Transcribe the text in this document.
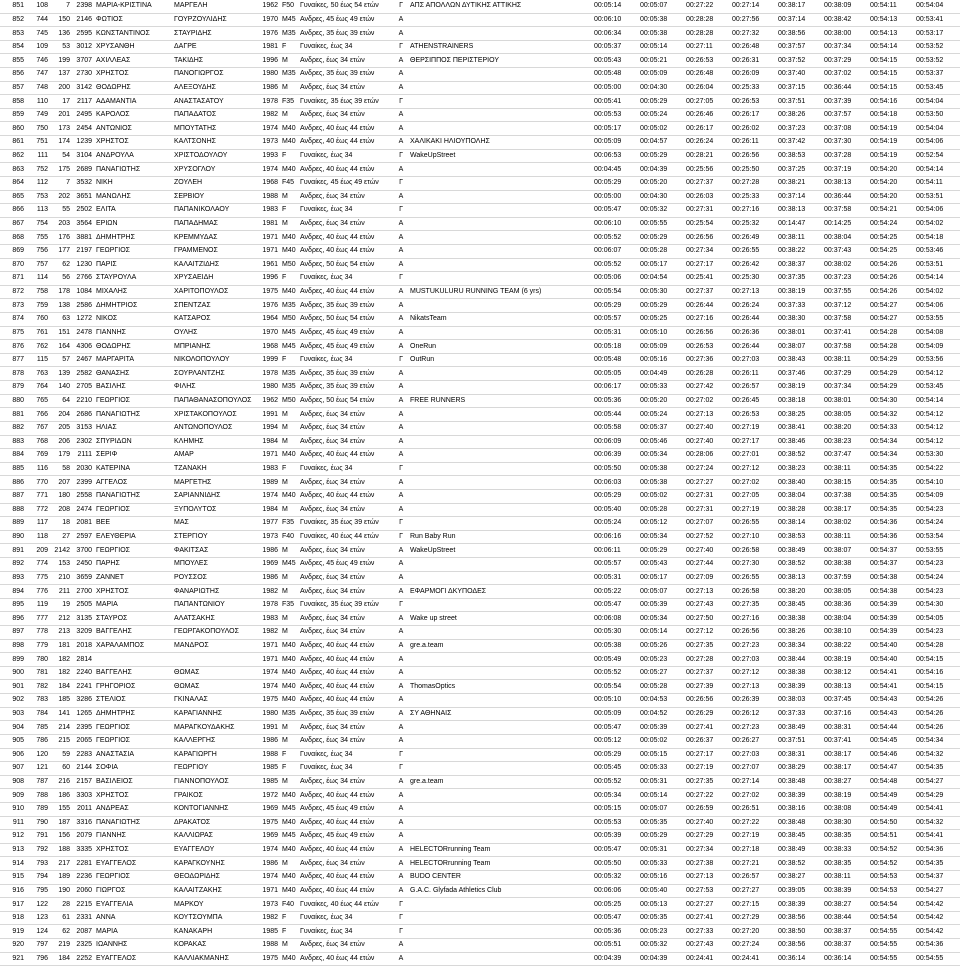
851	108	7	2398	ΜΑΡΙΑ-ΚΡΙΣΤΙΝΑ	ΜΑΡΓΕΛΗ	1962	F50	Γυναίκες, 50 έως 54 ετών	Γ	ΑΠΣ ΑΠΟΛΛΩΝ ΔΥΤΙΚΗΣ ΑΤΤΙΚΗΣ	00:05:14	00:05:07	00:27:22	00:27:14	00:38:17	00:38:09	00:54:11	00:54:04
852	744	150	2146	ΦΩΤΙΟΣ	ΓΟΥΡΖΟΥΛΙΔΗΣ	1970	M45	Ανδρες, 45 έως 49 ετών	Α		00:06:10	00:05:38	00:28:28	00:27:56	00:37:14	00:38:42	00:54:13	00:53:41
853	745	136	2595	ΚΩΝΣΤΑΝΤΙΝΟΣ	ΣΤΑΥΡΙΔΗΣ	1976	M35	Ανδρες, 35 έως 39 ετών	Α		00:06:34	00:05:38	00:28:28	00:27:32	00:38:56	00:38:00	00:54:13	00:53:17
854	109	53	3012	ΧΡΥΣΑΝΘΗ	ΔΑΓΡΕ	1981	F	Γυναίκες, έως 34	Γ	ATHENSTRAINERS	00:05:37	00:05:14	00:27:11	00:26:48	00:37:57	00:37:34	00:54:14	00:53:52
855	746	199	3707	ΑΧΙΛΛΕΑΣ	ΤΑΚΙΔΗΣ	1996	M	Ανδρες, έως 34 ετών	Α	ΘΕΡΣΙΠΠΟΣ ΠΕΡΙΣΤΕΡΙΟΥ	00:05:43	00:05:21	00:26:53	00:26:31	00:37:52	00:37:29	00:54:15	00:53:52
856	747	137	2730	ΧΡΗΣΤΟΣ	ΠΑΝΟΓΙΩΡΓΟΣ	1980	M35	Ανδρες, 35 έως 39 ετών	Α		00:05:48	00:05:09	00:26:48	00:26:09	00:37:40	00:37:02	00:54:15	00:53:37
857	748	200	3142	ΘΟΔΩΡΗΣ	ΑΛΕΞΟΥΔΗΣ	1986	M	Ανδρες, έως 34 ετών	Α		00:05:00	00:04:30	00:26:04	00:25:33	00:37:15	00:36:44	00:54:15	00:53:45
858	110	17	2117	ΑΔΑΜΑΝΤΙΑ	ΑΝΑΣΤΑΣΑΤΟΥ	1978	F35	Γυναίκες, 35 έως 39 ετών	Γ		00:05:41	00:05:29	00:27:05	00:26:53	00:37:51	00:37:39	00:54:16	00:54:04
859	749	201	2495	ΚΑΡΟΛΟΣ	ΠΑΠΑΔΑΤΟΣ	1982	M	Ανδρες, έως 34 ετών	Α		00:05:53	00:05:24	00:26:46	00:26:17	00:38:26	00:37:57	00:54:18	00:53:50
860	750	173	2454	ΑΝΤΩΝΙΟΣ	ΜΠΟΥΤΑΤΗΣ	1974	M40	Ανδρες, 40 έως 44 ετών	Α		00:05:17	00:05:02	00:26:17	00:26:02	00:37:23	00:37:08	00:54:19	00:54:04
861	751	174	1239	ΧΡΗΣΤΟΣ	ΚΑΛΤΣΟΝΗΣ	1973	M40	Ανδρες, 40 έως 44 ετών	Α	ΧΑΛΙΚΑΚΙ ΗΛΙΟΥΠΟΛΗΣ	00:05:09	00:04:57	00:26:24	00:26:11	00:37:42	00:37:30	00:54:19	00:54:06
862	111	54	3104	ΑΝΔΡΟΥΛΑ	ΧΡΙΣΤΟΔΟΥΛΟΥ	1993	F	Γυναίκες, έως 34	Γ	WakeUpStreet	00:06:53	00:05:29	00:28:21	00:26:56	00:38:53	00:37:28	00:54:19	00:52:54
863	752	175	2689	ΠΑΝΑΓΙΩΤΗΣ	ΧΡΥΣΟΓΛΟΥ	1974	M40	Ανδρες, 40 έως 44 ετών	Α		00:04:45	00:04:39	00:25:56	00:25:50	00:37:25	00:37:19	00:54:20	00:54:14
864	112	7	3532	ΝΙΚΗ	ΖΟΥΛΕΗ	1968	F45	Γυναίκες, 45 έως 49 ετών	Γ		00:05:29	00:05:20	00:27:37	00:27:28	00:38:21	00:38:13	00:54:20	00:54:11
865	753	202	3651	ΜΑΝΩΛΗΣ	ΣΕΡΒΙΟΥ	1988	M	Ανδρες, έως 34 ετών	Α		00:05:00	00:04:30	00:26:03	00:25:33	00:37:14	00:36:44	00:54:20	00:53:51
866	113	55	2502	ΕΛΙΤΑ	ΠΑΠΑΝΙΚΟΛΑΟΥ	1983	F	Γυναίκες, έως 34	Γ		00:05:47	00:05:32	00:27:31	00:27:16	00:38:13	00:37:58	00:54:21	00:54:06
867	754	203	3564	ΕΡΙΩΝ	ΠΑΠΑΔΗΜΑΣ	1981	M	Ανδρες, έως 34 ετών	Α		00:06:10	00:05:55	00:25:54	00:25:32	00:14:47	00:14:25	00:54:24	00:54:02
868	755	176	3881	ΔΗΜΗΤΡΗΣ	ΚΡΕΜΜΥΔΑΣ	1971	M40	Ανδρες, 40 έως 44 ετών	Α		00:05:52	00:05:29	00:26:56	00:26:49	00:38:11	00:38:04	00:54:25	00:54:18
869	756	177	2197	ΓΕΩΡΓΙΟΣ	ΓΡΑΜΜΕΝΟΣ	1971	M40	Ανδρες, 40 έως 44 ετών	Α		00:06:07	00:05:28	00:27:34	00:26:55	00:38:22	00:37:43	00:54:25	00:53:46
870	757	62	1230	ΠΑΡΙΣ	ΚΑΛΑΙΤΖΙΔΗΣ	1961	M50	Ανδρες, 50 έως 54 ετών	Α		00:05:52	00:05:17	00:27:17	00:26:42	00:38:37	00:38:02	00:54:26	00:53:51
871	114	56	2766	ΣΤΑΥΡΟΥΛΑ	ΧΡΥΣΑΕΙΔΗ	1996	F	Γυναίκες, έως 34	Γ		00:05:06	00:04:54	00:25:41	00:25:30	00:37:35	00:37:23	00:54:26	00:54:14
872	758	178	1084	ΜΙΧΑΛΗΣ	ΧΑΡΙΤΟΠΟΥΛΟΣ	1975	M40	Ανδρες, 40 έως 44 ετών	Α	MUSTUKULURU RUNNING TEAM (6 yrs)	00:05:54	00:05:30	00:27:37	00:27:13	00:38:19	00:37:55	00:54:26	00:54:02
873	759	138	2586	ΔΗΜΗΤΡΙΟΣ	ΣΠΕΝΤΖΑΣ	1976	M35	Ανδρες, 35 έως 39 ετών	Α		00:05:29	00:05:29	00:26:44	00:26:24	00:37:33	00:37:12	00:54:27	00:54:06
874	760	63	1272	ΝΙΚΟΣ	ΚΑΤΣΑΡΟΣ	1964	M50	Ανδρες, 50 έως 54 ετών	Α	NikatsTeam	00:05:57	00:05:25	00:27:16	00:26:44	00:38:30	00:37:58	00:54:27	00:53:55
875	761	151	2478	ΓΙΑΝΝΗΣ	ΟΥΛΗΣ	1970	M45	Ανδρες, 45 έως 49 ετών	Α		00:05:31	00:05:10	00:26:56	00:26:36	00:38:01	00:37:41	00:54:28	00:54:08
876	762	164	4306	ΘΟΔΩΡΗΣ	ΜΠΡΙΑΝΗΣ	1968	M45	Ανδρες, 45 έως 49 ετών	Α	OneRun	00:05:18	00:05:09	00:26:53	00:26:44	00:38:07	00:37:58	00:54:28	00:54:09
877	115	57	2467	ΜΑΡΓΑΡΙΤΑ	ΝΙΚΟΛΟΠΟΥΛΟΥ	1999	F	Γυναίκες, έως 34	Γ	OutRun	00:05:48	00:05:16	00:27:36	00:27:03	00:38:43	00:38:11	00:54:29	00:53:56
878	763	139	2582	ΘΑΝΑΣΗΣ	ΣΟΥΡΛΑΝΤΖΗΣ	1978	M35	Ανδρες, 35 έως 39 ετών	Α		00:05:05	00:04:49	00:26:28	00:26:11	00:37:46	00:37:29	00:54:29	00:54:12
879	764	140	2705	ΒΑΣΙΛΗΣ	ΦΙΛΗΣ	1980	M35	Ανδρες, 35 έως 39 ετών	Α		00:06:17	00:05:33	00:27:42	00:26:57	00:38:19	00:37:34	00:54:29	00:53:45
880	765	64	2210	ΓΕΩΡΓΙΟΣ	ΠΑΠΑΘΑΝΑΣΟΠΟΥΛΟΣ	1962	M50	Ανδρες, 50 έως 54 ετών	Α	FREE RUNNERS	00:05:36	00:05:20	00:27:02	00:26:45	00:38:18	00:38:01	00:54:30	00:54:14
881	766	204	2686	ΠΑΝΑΓΙΩΤΗΣ	ΧΡΙΣΤΑΚΟΠΟΥΛΟΣ	1991	M	Ανδρες, έως 34 ετών	Α		00:05:44	00:05:24	00:27:13	00:26:53	00:38:25	00:38:05	00:54:32	00:54:12
882	767	205	3153	ΗΛΙΑΣ	ΑΝΤΩΝΟΠΟΥΛΟΣ	1994	M	Ανδρες, έως 34 ετών	Α		00:05:58	00:05:37	00:27:40	00:27:19	00:38:41	00:38:20	00:54:33	00:54:12
883	768	206	2302	ΣΠΥΡΙΔΩΝ	ΚΛΗΜΗΣ	1984	M	Ανδρες, έως 34 ετών	Α		00:06:09	00:05:46	00:27:40	00:27:17	00:38:46	00:38:23	00:54:34	00:54:12
884	769	179	2111	ΣΕΡΙΦ	ΑΜΑΡ	1971	M40	Ανδρες, 40 έως 44 ετών	Α		00:06:39	00:05:34	00:28:06	00:27:01	00:38:52	00:37:47	00:54:34	00:53:30
885	116	58	2030	ΚΑΤΕΡΙΝΑ	ΤΖΑΝΑΚΗ	1983	F	Γυναίκες, έως 34	Γ		00:05:50	00:05:38	00:27:24	00:27:12	00:38:23	00:38:11	00:54:35	00:54:22
886	770	207	2399	ΑΓΓΕΛΟΣ	ΜΑΡΓΕΤΗΣ	1989	M	Ανδρες, έως 34 ετών	Α		00:06:03	00:05:38	00:27:27	00:27:02	00:38:40	00:38:15	00:54:35	00:54:10
887	771	180	2558	ΠΑΝΑΓΙΩΤΗΣ	ΣΑΡΙΑΝΝΙΔΗΣ	1974	M40	Ανδρες, 40 έως 44 ετών	Α		00:05:29	00:05:02	00:27:31	00:27:05	00:38:04	00:37:38	00:54:35	00:54:09
888	772	208	2474	ΓΕΩΡΓΙΟΣ	ΞΥΠΟΛΥΤΟΣ	1984	M	Ανδρες, έως 34 ετών	Α		00:05:40	00:05:28	00:27:31	00:27:19	00:38:28	00:38:17	00:54:35	00:54:23
889	117	18	2081	ΒΕΕ	ΜΑΣ	1977	F35	Γυναίκες, 35 έως 39 ετών	Γ		00:05:24	00:05:12	00:27:07	00:26:55	00:38:14	00:38:02	00:54:36	00:54:24
890	118	27	2597	ΕΛΕΥΘΕΡΙΑ	ΣΤΕΡΓΙΟΥ	1973	F40	Γυναίκες, 40 έως 44 ετών	Γ	Run Baby Run	00:06:16	00:05:34	00:27:52	00:27:10	00:38:53	00:38:11	00:54:36	00:53:54
891	209	2142	3700	ΓΕΩΡΓΙΟΣ	ΦΑΚΙΤΣΑΣ	1986	M	Ανδρες, έως 34 ετών	Α	WakeUpStreet	00:06:11	00:05:29	00:27:40	00:26:58	00:38:49	00:38:07	00:54:37	00:53:55
892	774	153	2450	ΠΑΡΗΣ	ΜΠΟΥΛΕΣ	1969	M45	Ανδρες, 45 έως 49 ετών	Α		00:05:57	00:05:43	00:27:44	00:27:30	00:38:52	00:38:38	00:54:37	00:54:23
893	775	210	3659	ΖΑΝΝΕΤ	ΡΟΥΣΣΟΣ	1986	M	Ανδρες, έως 34 ετών	Α		00:05:31	00:05:17	00:27:09	00:26:55	00:38:13	00:37:59	00:54:38	00:54:24
894	776	211	2700	ΧΡΗΣΤΟΣ	ΦΑΝΑΡΙΩΤΗΣ	1982	M	Ανδρες, έως 34 ετών	Α	ΕΦΑΡΜΟΓΙ ΔΚΥΠΟΔΕΣ	00:05:22	00:05:07	00:27:13	00:26:58	00:38:20	00:38:05	00:54:38	00:54:23
895	119	19	2505	ΜΑΡΙΑ	ΠΑΠΑΝΤΩΝΙΟΥ	1978	F35	Γυναίκες, 35 έως 39 ετών	Γ		00:05:47	00:05:39	00:27:43	00:27:35	00:38:45	00:38:36	00:54:39	00:54:30
896	777	212	3135	ΣΤΑΥΡΟΣ	ΑΛΑΤΣΑΚΗΣ	1983	M	Ανδρες, έως 34 ετών	Α	Wake up street	00:06:08	00:05:34	00:27:50	00:27:16	00:38:38	00:38:04	00:54:39	00:54:05
897	778	213	3209	ΒΑΓΓΕΛΗΣ	ΓΕΩΡΓΑΚΟΠΟΥΛΟΣ	1982	M	Ανδρες, έως 34 ετών	Α		00:05:30	00:05:14	00:27:12	00:26:56	00:38:26	00:38:10	00:54:39	00:54:23
898	779	181	2018	ΧΑΡΑΛΑΜΠΟΣ	ΜΑΝΔΡΟΣ	1971	M40	Ανδρες, 40 έως 44 ετών	Α	gre.a.team	00:05:38	00:05:26	00:27:35	00:27:23	00:38:34	00:38:22	00:54:40	00:54:28
899	780	182	2814			1971	M40	Ανδρες, 40 έως 44 ετών	Α		00:05:49	00:05:23	00:27:28	00:27:03	00:38:44	00:38:19	00:54:40	00:54:15
900	781	182	2240	ΒΑΓΓΕΛΗΣ	ΘΩΜΑΣ	1974	M40	Ανδρες, 40 έως 44 ετών	Α		00:05:52	00:05:27	00:27:37	00:27:12	00:38:38	00:38:12	00:54:41	00:54:16
901	782	184	2241	ΓΡΗΓΟΡΙΟΣ	ΘΩΜΑΣ	1974	M40	Ανδρες, 40 έως 44 ετών	Α	ThomasOptics	00:05:54	00:05:28	00:27:39	00:27:13	00:38:39	00:38:13	00:54:41	00:54:15
902	783	185	3286	ΣΤΕΛΙΟΣ	ΓΚΙΝΑΛΑΣ	1975	M40	Ανδρες, 40 έως 44 ετών	Α		00:05:10	00:04:53	00:26:56	00:26:39	00:38:03	00:37:45	00:54:43	00:54:26
903	784	141	1265	ΔΗΜΗΤΡΗΣ	ΚΑΡΑΓΙΑΝΝΗΣ	1980	M35	Ανδρες, 35 έως 39 ετών	Α	ΣΥ ΑΘΗΝΑΙΣ	00:05:09	00:04:52	00:26:29	00:26:12	00:37:33	00:37:16	00:54:43	00:54:26
904	785	214	2395	ΓΕΩΡΓΙΟΣ	ΜΑΡΑΓΚΟΥΔΑΚΗΣ	1991	M	Ανδρες, έως 34 ετών	Α		00:05:47	00:05:39	00:27:41	00:27:23	00:38:49	00:38:31	00:54:44	00:54:26
905	786	215	2065	ΓΕΩΡΓΙΟΣ	ΚΑΛΛΕΡΓΗΣ	1986	M	Ανδρες, έως 34 ετών	Α		00:05:12	00:05:02	00:26:37	00:26:27	00:37:51	00:37:41	00:54:45	00:54:34
906	120	59	2283	ΑΝΑΣΤΑΣΙΑ	ΚΑΡΑΓΙΩΡΓΗ	1988	F	Γυναίκες, έως 34	Γ		00:05:29	00:05:15	00:27:17	00:27:03	00:38:31	00:38:17	00:54:46	00:54:32
907	121	60	2144	ΣΟΦΙΑ	ΓΕΩΡΓΙΟΥ	1985	F	Γυναίκες, έως 34	Γ		00:05:45	00:05:33	00:27:19	00:27:07	00:38:29	00:38:17	00:54:47	00:54:35
908	787	216	2157	ΒΑΣΙΛΕΙΟΣ	ΓΙΑΝΝΟΠΟΥΛΟΣ	1985	M	Ανδρες, έως 34 ετών	Α	gre.a.team	00:05:52	00:05:31	00:27:35	00:27:14	00:38:48	00:38:27	00:54:48	00:54:27
909	788	186	3303	ΧΡΗΣΤΟΣ	ΓΡΑΙΚΟΣ	1972	M40	Ανδρες, 40 έως 44 ετών	Α		00:05:34	00:05:14	00:27:22	00:27:02	00:38:39	00:38:19	00:54:49	00:54:29
910	789	155	2011	ΑΝΔΡΕΑΣ	ΚΟΝΤΟΓΙΑΝΝΗΣ	1969	M45	Ανδρες, 45 έως 49 ετών	Α		00:05:15	00:05:07	00:26:59	00:26:51	00:38:16	00:38:08	00:54:49	00:54:41
911	790	187	3316	ΠΑΝΑΓΙΩΤΗΣ	ΔΡΑΚΑΤΟΣ	1975	M40	Ανδρες, 40 έως 44 ετών	Α		00:05:53	00:05:35	00:27:40	00:27:22	00:38:48	00:38:30	00:54:50	00:54:32
912	791	156	2079	ΓΙΑΝΝΗΣ	ΚΑΛΛΙΩΡΑΣ	1969	M45	Ανδρες, 45 έως 49 ετών	Α		00:05:39	00:05:29	00:27:29	00:27:19	00:38:45	00:38:35	00:54:51	00:54:41
913	792	188	3335	ΧΡΗΣΤΟΣ	ΕΥΑΓΓΕΛΟΥ	1974	M40	Ανδρες, 40 έως 44 ετών	Α	HELECTORrunning Team	00:05:47	00:05:31	00:27:34	00:27:18	00:38:49	00:38:33	00:54:52	00:54:36
914	793	217	2281	ΕΥΑΓΓΕΛΟΣ	ΚΑΡΑΓΚΟΥΝΗΣ	1986	M	Ανδρες, έως 34 ετών	Α	HELECTORrunning Team	00:05:50	00:05:33	00:27:38	00:27:21	00:38:52	00:38:35	00:54:52	00:54:35
915	794	189	2236	ΓΕΩΡΓΙΟΣ	ΘΕΟΔΩΡΙΔΗΣ	1974	M40	Ανδρες, 40 έως 44 ετών	Α	BUDO CENTER	00:05:32	00:05:16	00:27:13	00:26:57	00:38:27	00:38:11	00:54:53	00:54:37
916	795	190	2060	ΓΙΩΡΓΟΣ	ΚΑΛΑΙΤΖΑΚΗΣ	1971	M40	Ανδρες, 40 έως 44 ετών	Α	G.A.C. Glyfada Athletics Club	00:06:06	00:05:40	00:27:53	00:27:27	00:39:05	00:38:39	00:54:53	00:54:27
917	122	28	2215	ΕΥΑΓΓΕΛΙΑ	ΜΑΡΚΟΥ	1973	F40	Γυναίκες, 40 έως 44 ετών	Γ		00:05:25	00:05:13	00:27:27	00:27:15	00:38:39	00:38:27	00:54:54	00:54:42
918	123	61	2331	ΑΝΝΑ	ΚΟΥΤΣΟΥΜΠΑ	1982	F	Γυναίκες, έως 34	Γ		00:05:47	00:05:35	00:27:41	00:27:29	00:38:56	00:38:44	00:54:54	00:54:42
919	124	62	2087	ΜΑΡΙΑ	ΚΑΝΑΚΑΡΗ	1985	F	Γυναίκες, έως 34	Γ		00:05:36	00:05:23	00:27:33	00:27:20	00:38:50	00:38:37	00:54:55	00:54:42
920	797	219	2325	ΙΩΑΝΝΗΣ	ΚΟΡΑΚΑΣ	1988	M	Ανδρες, έως 34 ετών	Α		00:05:51	00:05:32	00:27:43	00:27:24	00:38:56	00:38:37	00:54:55	00:54:36
921	796	184	2252	ΕΥΑΓΓΕΛΟΣ	ΚΑΛΛΙΑΚΜΑΝΗΣ	1975	M40	Ανδρες, 40 έως 44 ετών	Α		00:04:39	00:04:39	00:24:41	00:24:41	00:36:14	00:36:14	00:54:55	00:54:55
